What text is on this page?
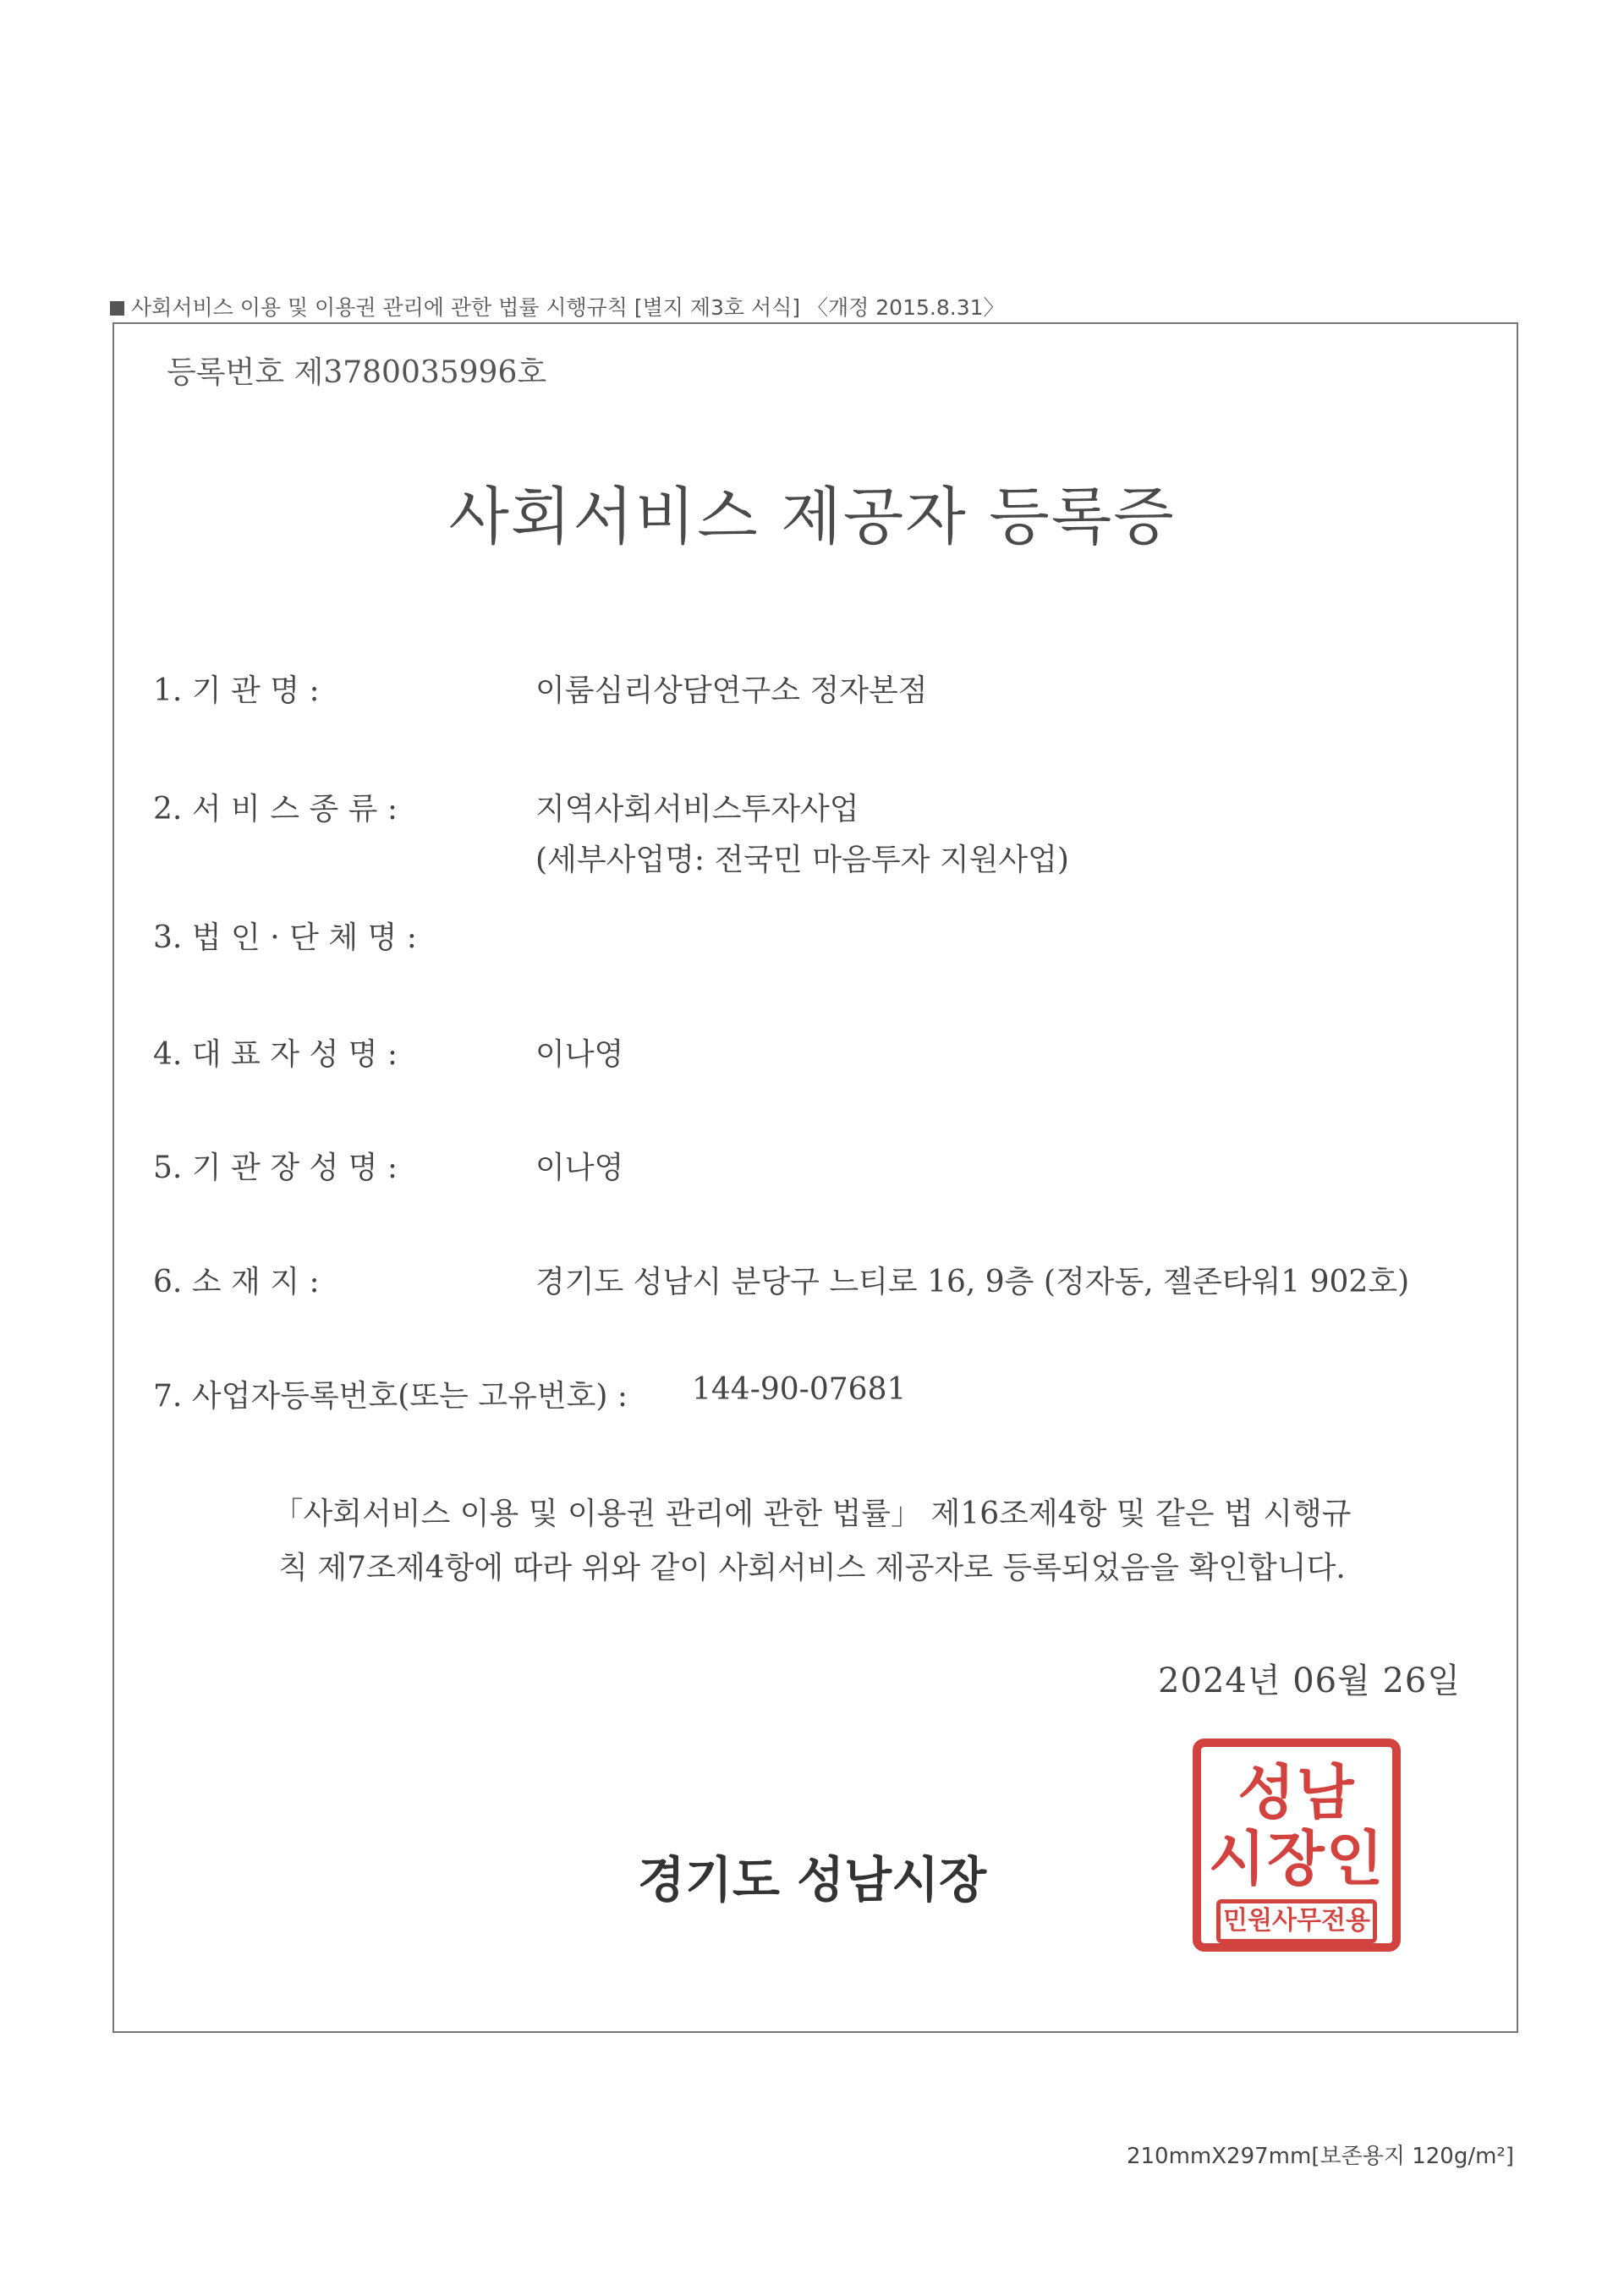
사회서비스 이용 및 이용권 관리에 관한 법률 시행규칙 [별지 제3호 서식] 〈개정 2015.8.31〉
등록번호 제3780035996호
사회서비스 제공자 등록증
1. 기 관 명 :	이룸심리상담연구소 정자본점
2. 서 비 스 종 류 :	지역사회서비스투자사업
(세부사업명: 전국민 마음투자 지원사업)
3. 법 인 · 단 체 명 :
4. 대 표 자 성 명 :	이나영
5. 기 관 장 성 명 :	이나영
6. 소 재 지 :	경기도 성남시 분당구 느티로 16, 9층 (정자동, 젤존타워1 902호)
7. 사업자등록번호(또는 고유번호) : 144-90-07681
「사회서비스 이용 및 이용권 관리에 관한 법률」 제16조제4항 및 같은 법 시행규
칙 제7조제4항에 따라 위와 같이 사회서비스 제공자로 등록되었음을 확인합니다.
2024년 06월 26일
경기도 성남시장
성남
시장인
민원사무전용
210mmX297mm[보존용지 120g/m²]
